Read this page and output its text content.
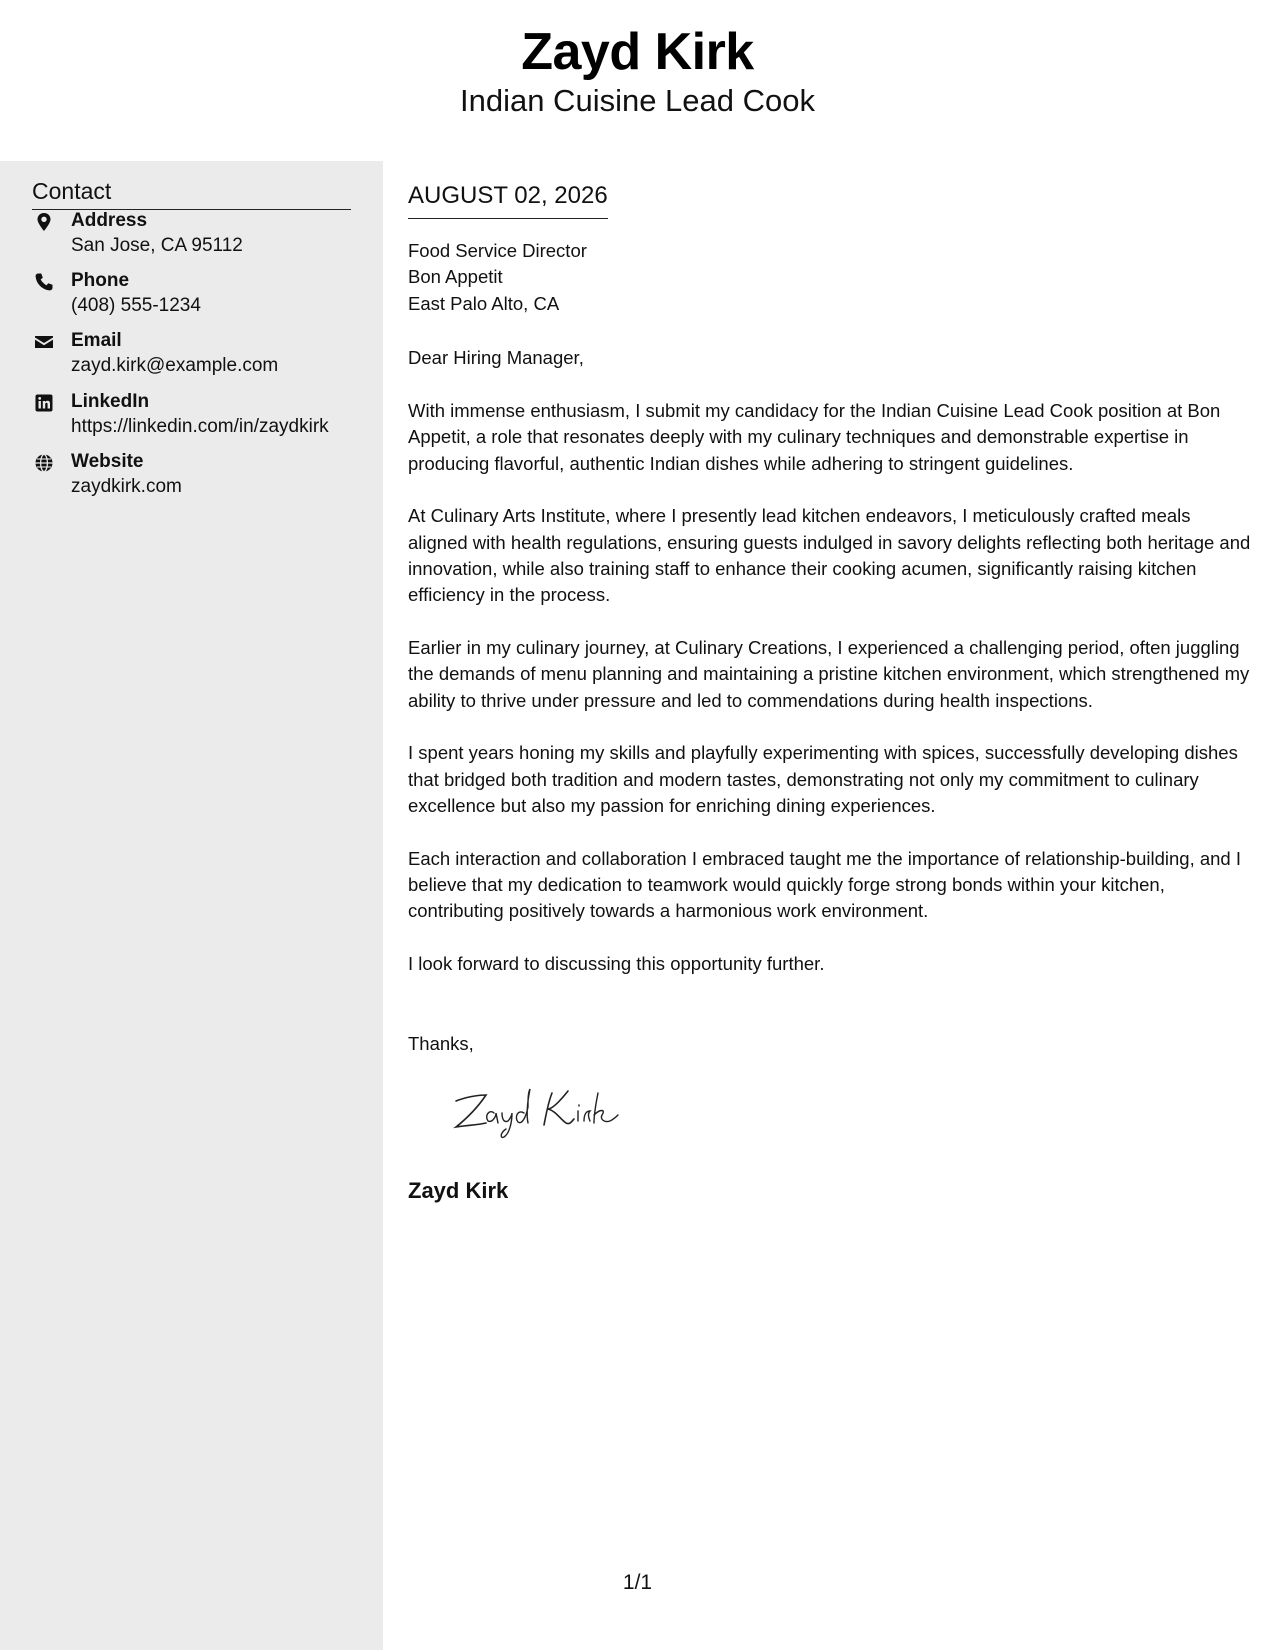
Zayd Kirk
Indian Cuisine Lead Cook
Contact
Address
San Jose, CA 95112
Phone
(408) 555-1234
Email
zayd.kirk@example.com
LinkedIn
https://linkedin.com/in/zaydkirk
Website
zaydkirk.com
AUGUST 02, 2026
Food Service Director
Bon Appetit
East Palo Alto, CA
Dear Hiring Manager,

With immense enthusiasm, I submit my candidacy for the Indian Cuisine Lead Cook position at Bon Appetit, a role that resonates deeply with my culinary techniques and demonstrable expertise in producing flavorful, authentic Indian dishes while adhering to stringent guidelines.

At Culinary Arts Institute, where I presently lead kitchen endeavors, I meticulously crafted meals aligned with health regulations, ensuring guests indulged in savory delights reflecting both heritage and innovation, while also training staff to enhance their cooking acumen, significantly raising kitchen efficiency in the process.

Earlier in my culinary journey, at Culinary Creations, I experienced a challenging period, often juggling the demands of menu planning and maintaining a pristine kitchen environment, which strengthened my ability to thrive under pressure and led to commendations during health inspections.

I spent years honing my skills and playfully experimenting with spices, successfully developing dishes that bridged both tradition and modern tastes, demonstrating not only my commitment to culinary excellence but also my passion for enriching dining experiences.

Each interaction and collaboration I embraced taught me the importance of relationship-building, and I believe that my dedication to teamwork would quickly forge strong bonds within your kitchen, contributing positively towards a harmonious work environment.

I look forward to discussing this opportunity further.

Thanks,
Zayd Kirk
1/1
